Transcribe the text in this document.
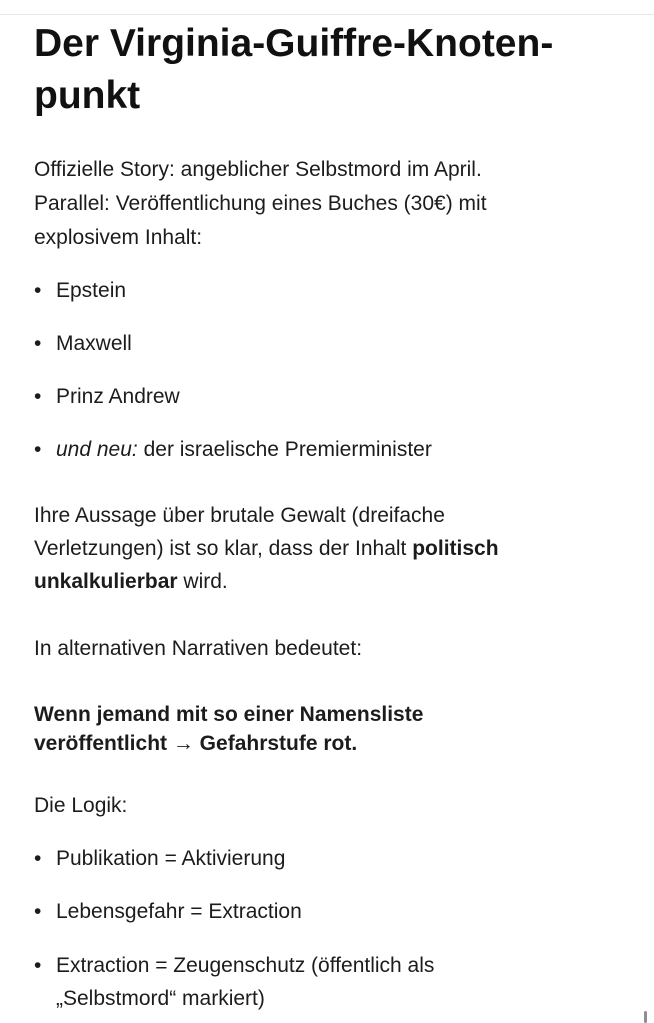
Der Virginia-Guiffre-Knoten-punkt

Offizielle Story: angeblicher Selbstmord im April.
Parallel: Veröffentlichung eines Buches (30€) mit
explosivem Inhalt:

• Epstein
• Maxwell
• Prinz Andrew
• und neu: der israelische Premierminister

Ihre Aussage über brutale Gewalt (dreifache
Verletzungen) ist so klar, dass der Inhalt politisch
unkalkulierbar wird.

In alternativen Narrativen bedeutet:

Wenn jemand mit so einer Namensliste
veröffentlicht → Gefahrstufe rot.

Die Logik:

• Publikation = Aktivierung
• Lebensgefahr = Extraction
• Extraction = Zeugenschutz (öffentlich als
„Selbstmord“ markiert)
